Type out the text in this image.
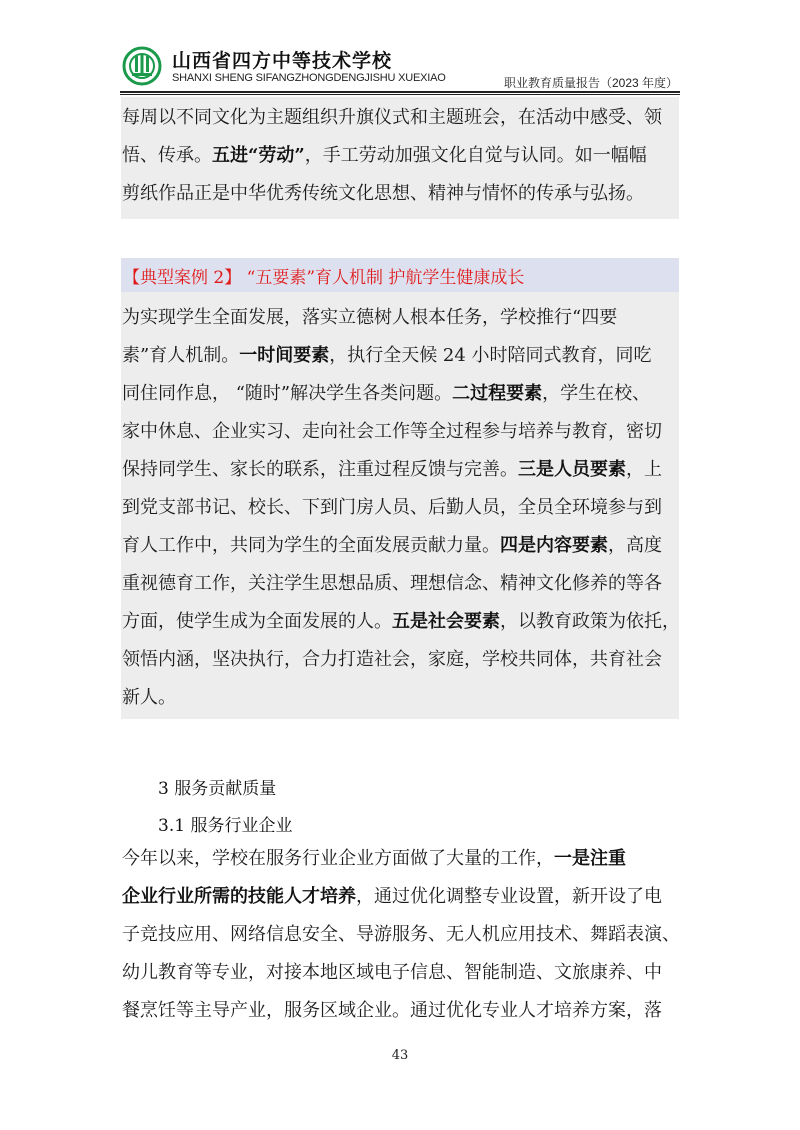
山西省四方中等技术学校
SHANXI SHENG SIFANGZHONGDENGJISHU XUEXIAO	职业教育质量报告（2023 年度）
每周以不同文化为主题组织升旗仪式和主题班会，在活动中感受、领
悟、传承。五进“劳动”，手工劳动加强文化自觉与认同。如一幅幅
剪纸作品正是中华优秀传统文化思想、精神与情怀的传承与弘扬。
【典型案例 2】 “五要素”育人机制 护航学生健康成长
为实现学生全面发展，落实立德树人根本任务，学校推行“四要
素”育人机制。一时间要素，执行全天候 24 小时陪同式教育，同吃
同住同作息， “随时”解决学生各类问题。二过程要素，学生在校、
家中休息、企业实习、走向社会工作等全过程参与培养与教育，密切
保持同学生、家长的联系，注重过程反馈与完善。三是人员要素，上
到党支部书记、校长、下到门房人员、后勤人员，全员全环境参与到
育人工作中，共同为学生的全面发展贡献力量。四是内容要素，高度
重视德育工作，关注学生思想品质、理想信念、精神文化修养的等各
方面，使学生成为全面发展的人。五是社会要素，以教育政策为依托，
领悟内涵，坚决执行，合力打造社会，家庭，学校共同体，共育社会
新人。
3 服务贡献质量
3.1 服务行业企业
今年以来，学校在服务行业企业方面做了大量的工作，一是注重
企业行业所需的技能人才培养，通过优化调整专业设置，新开设了电
子竞技应用、网络信息安全、导游服务、无人机应用技术、舞蹈表演、
幼儿教育等专业，对接本地区域电子信息、智能制造、文旅康养、中
餐烹饪等主导产业，服务区域企业。通过优化专业人才培养方案，落
43
